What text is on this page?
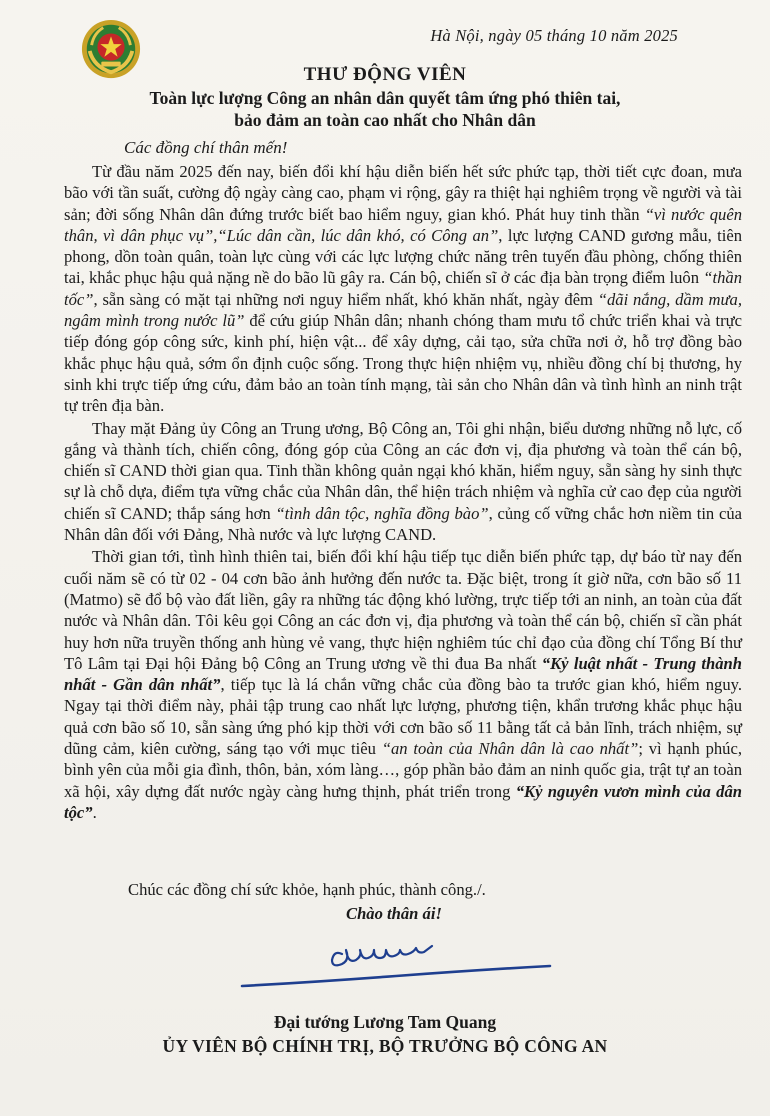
Hà Nội, ngày 05 tháng 10 năm 2025
THƯ ĐỘNG VIÊN
Toàn lực lượng Công an nhân dân quyết tâm ứng phó thiên tai,
bảo đảm an toàn cao nhất cho Nhân dân
Các đồng chí thân mến!

Từ đầu năm 2025 đến nay, biến đổi khí hậu diễn biến hết sức phức tạp, thời tiết cực đoan, mưa bão với tần suất, cường độ ngày càng cao, phạm vi rộng, gây ra thiệt hại nghiêm trọng về người và tài sản; đời sống Nhân dân đứng trước biết bao hiểm nguy, gian khó. Phát huy tinh thần “vì nước quên thân, vì dân phục vụ”,“Lúc dân cần, lúc dân khó, có Công an”, lực lượng CAND gương mẫu, tiên phong, dồn toàn quân, toàn lực cùng với các lực lượng chức năng trên tuyến đầu phòng, chống thiên tai, khắc phục hậu quả nặng nề do bão lũ gây ra. Cán bộ, chiến sĩ ở các địa bàn trọng điểm luôn “thần tốc”, sẵn sàng có mặt tại những nơi nguy hiểm nhất, khó khăn nhất, ngày đêm “dãi nắng, dầm mưa, ngâm mình trong nước lũ” để cứu giúp Nhân dân; nhanh chóng tham mưu tổ chức triển khai và trực tiếp đóng góp công sức, kinh phí, hiện vật... để xây dựng, cải tạo, sửa chữa nơi ở, hỗ trợ đồng bào khắc phục hậu quả, sớm ổn định cuộc sống. Trong thực hiện nhiệm vụ, nhiều đồng chí bị thương, hy sinh khi trực tiếp ứng cứu, đảm bảo an toàn tính mạng, tài sản cho Nhân dân và tình hình an ninh trật tự trên địa bàn.

Thay mặt Đảng ủy Công an Trung ương, Bộ Công an, Tôi ghi nhận, biểu dương những nỗ lực, cố gắng và thành tích, chiến công, đóng góp của Công an các đơn vị, địa phương và toàn thể cán bộ, chiến sĩ CAND thời gian qua. Tinh thần không quản ngại khó khăn, hiểm nguy, sẵn sàng hy sinh thực sự là chỗ dựa, điểm tựa vững chắc của Nhân dân, thể hiện trách nhiệm và nghĩa cử cao đẹp của người chiến sĩ CAND; thắp sáng hơn “tình dân tộc, nghĩa đồng bào”, củng cố vững chắc hơn niềm tin của Nhân dân đối với Đảng, Nhà nước và lực lượng CAND.

Thời gian tới, tình hình thiên tai, biến đổi khí hậu tiếp tục diễn biến phức tạp, dự báo từ nay đến cuối năm sẽ có từ 02 - 04 cơn bão ảnh hưởng đến nước ta. Đặc biệt, trong ít giờ nữa, cơn bão số 11 (Matmo) sẽ đổ bộ vào đất liền, gây ra những tác động khó lường, trực tiếp tới an ninh, an toàn của đất nước và Nhân dân. Tôi kêu gọi Công an các đơn vị, địa phương và toàn thể cán bộ, chiến sĩ cần phát huy hơn nữa truyền thống anh hùng vẻ vang, thực hiện nghiêm túc chỉ đạo của đồng chí Tổng Bí thư Tô Lâm tại Đại hội Đảng bộ Công an Trung ương về thi đua Ba nhất “Kỷ luật nhất - Trung thành nhất - Gần dân nhất”, tiếp tục là lá chắn vững chắc của đồng bào ta trước gian khó, hiểm nguy. Ngay tại thời điểm này, phải tập trung cao nhất lực lượng, phương tiện, khẩn trương khắc phục hậu quả cơn bão số 10, sẵn sàng ứng phó kịp thời với cơn bão số 11 bằng tất cả bản lĩnh, trách nhiệm, sự dũng cảm, kiên cường, sáng tạo với mục tiêu “an toàn của Nhân dân là cao nhất”; vì hạnh phúc, bình yên của mỗi gia đình, thôn, bản, xóm làng…, góp phần bảo đảm an ninh quốc gia, trật tự an toàn xã hội, xây dựng đất nước ngày càng hưng thịnh, phát triển trong “Kỷ nguyên vươn mình của dân tộc”.

Chúc các đồng chí sức khỏe, hạnh phúc, thành công./.
Chào thân ái!
Đại tướng Lương Tam Quang
ỦY VIÊN BỘ CHÍNH TRỊ, BỘ TRƯỞNG BỘ CÔNG AN
